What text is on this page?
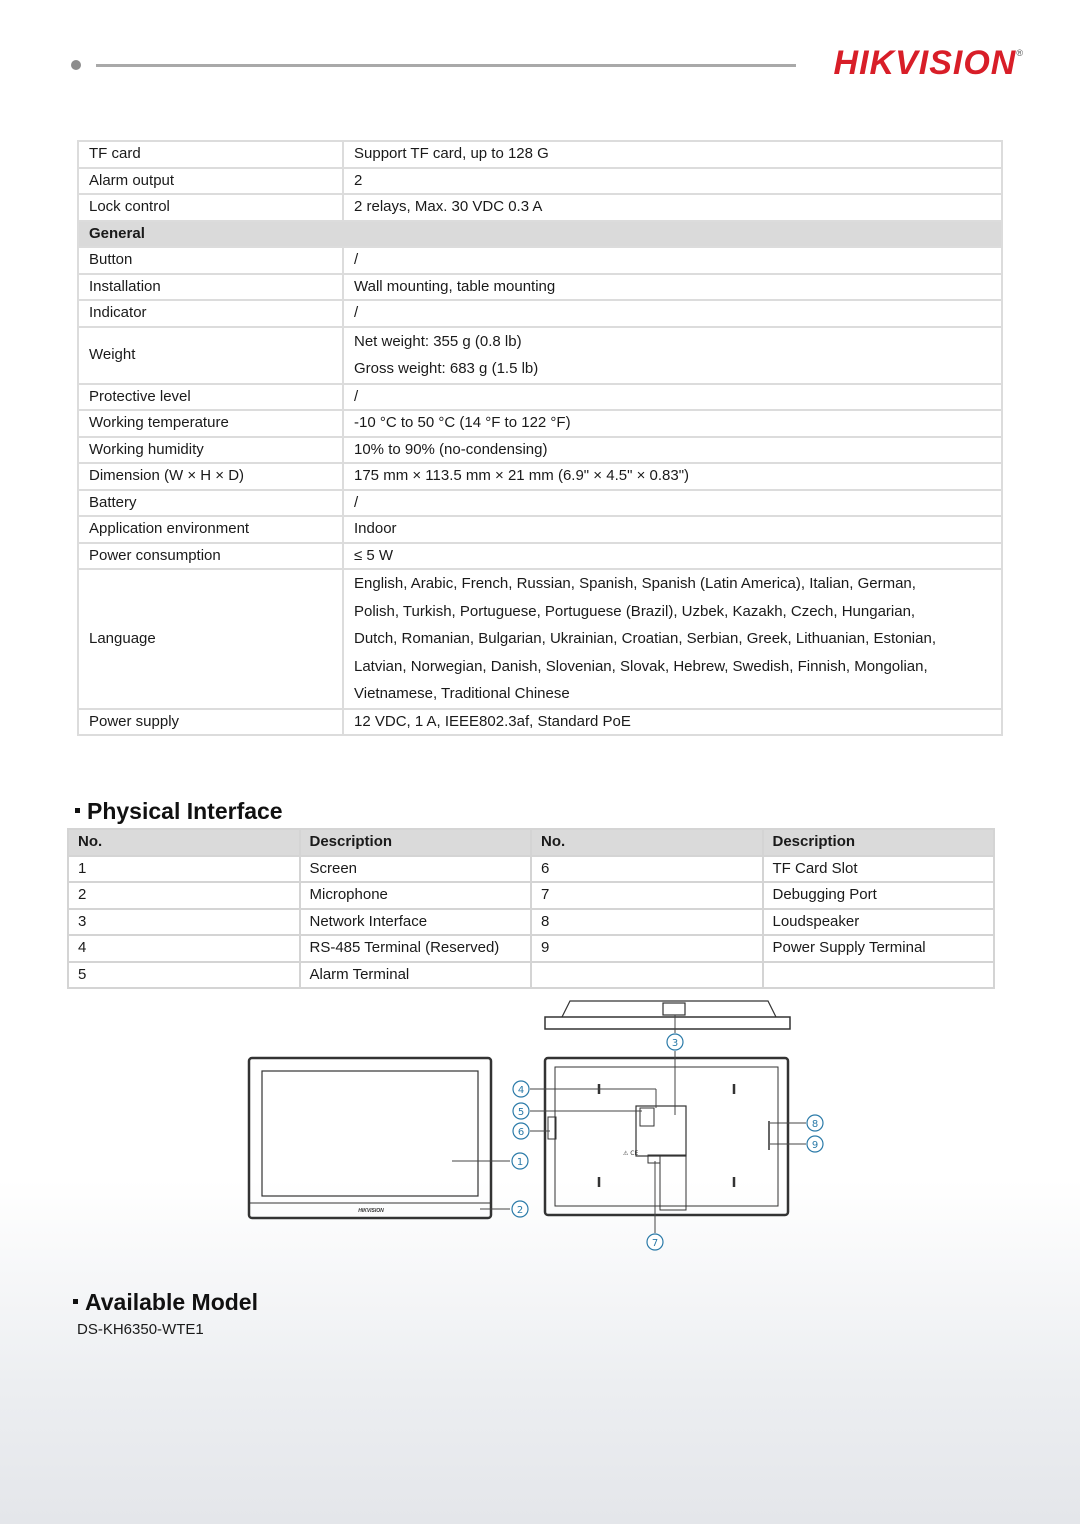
HIKVISION®
TF card	Support TF card, up to 128 G
Alarm output	2
Lock control	2 relays, Max. 30 VDC 0.3 A
General	
Button	/
Installation	Wall mounting, table mounting
Indicator	/
Weight	Net weight: 355 g (0.8 lb)
Gross weight: 683 g (1.5 lb)

Protective level	/
Working temperature	-10 °C to 50 °C (14 °F to 122 °F)
Working humidity	10% to 90% (no-condensing)
Dimension (W × H × D)	175 mm × 113.5 mm × 21 mm (6.9" × 4.5" × 0.83")
Battery	/
Application environment	Indoor
Power consumption	≤ 5 W
Language	English, Arabic, French, Russian, Spanish, Spanish (Latin America), Italian, German,
Polish, Turkish, Portuguese, Portuguese (Brazil), Uzbek, Kazakh, Czech, Hungarian,
Dutch, Romanian, Bulgarian, Ukrainian, Croatian, Serbian, Greek, Lithuanian, Estonian,
Latvian, Norwegian, Danish, Slovenian, Slovak, Hebrew, Swedish, Finnish, Mongolian,
Vietnamese, Traditional Chinese

Power supply	12 VDC, 1 A, IEEE802.3af, Standard PoE
Physical Interface
No.	Description	No.	Description
1	Screen	6	TF Card Slot
2	Microphone	7	Debugging Port
3	Network Interface	8	Loudspeaker
4	RS-485 Terminal (Reserved)	9	Power Supply Terminal
5	Alarm Terminal		
1
2
3
4
5
6
7
8
9
HIKVISION
⚠ CE
Available Model
DS-KH6350-WTE1
